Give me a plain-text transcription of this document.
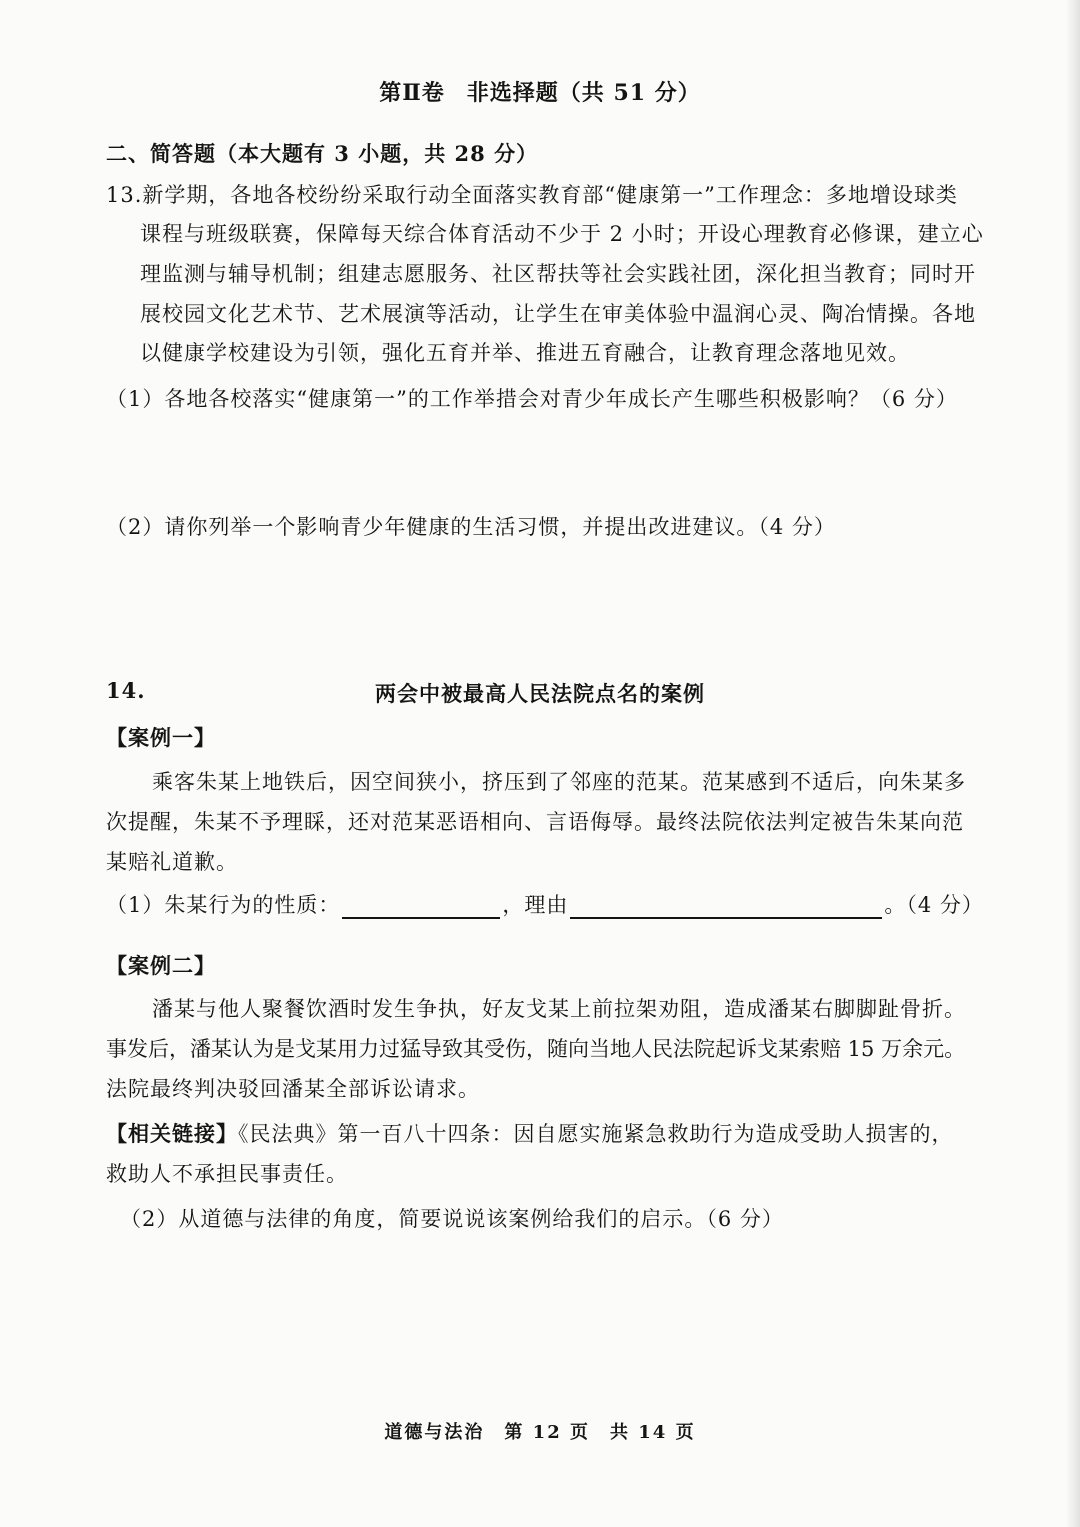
第Ⅱ卷 非选择题（共 51 分）
二、简答题（本大题有 3 小题，共 28 分）
13.新学期，各地各校纷纷采取行动全面落实教育部“健康第一”工作理念：多地增设球类
课程与班级联赛，保障每天综合体育活动不少于 2 小时；开设心理教育必修课，建立心
理监测与辅导机制；组建志愿服务、社区帮扶等社会实践社团，深化担当教育；同时开
展校园文化艺术节、艺术展演等活动，让学生在审美体验中温润心灵、陶冶情操。各地
以健康学校建设为引领，强化五育并举、推进五育融合，让教育理念落地见效。
（1）各地各校落实“健康第一”的工作举措会对青少年成长产生哪些积极影响？（6 分）
（2）请你列举一个影响青少年健康的生活习惯，并提出改进建议。（4 分）
14.	两会中被最高人民法院点名的案例
【案例一】
乘客朱某上地铁后，因空间狭小，挤压到了邻座的范某。范某感到不适后，向朱某多
次提醒，朱某不予理睬，还对范某恶语相向、言语侮辱。最终法院依法判定被告朱某向范
某赔礼道歉。
（1）朱某行为的性质：	，理由	。（4 分）
【案例二】
潘某与他人聚餐饮酒时发生争执，好友戈某上前拉架劝阻，造成潘某右脚脚趾骨折。
事发后，潘某认为是戈某用力过猛导致其受伤，随向当地人民法院起诉戈某索赔 15 万余元。
法院最终判决驳回潘某全部诉讼请求。
【相关链接】《民法典》第一百八十四条：因自愿实施紧急救助行为造成受助人损害的，
救助人不承担民事责任。
（2）从道德与法律的角度，简要说说该案例给我们的启示。（6 分）
道德与法治　第 12 页　共 14 页
